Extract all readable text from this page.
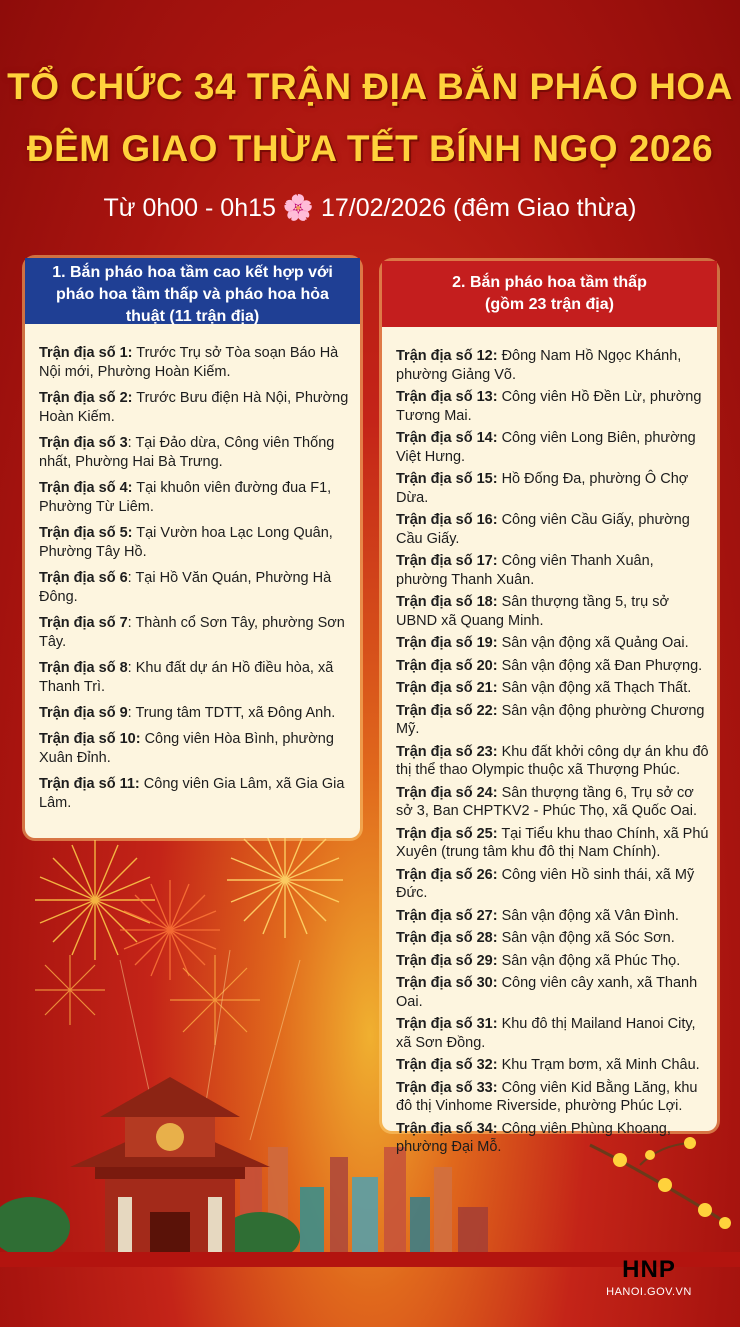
TỔ CHỨC 34 TRẬN ĐỊA BẮN PHÁO HOA
ĐÊM GIAO THỪA TẾT BÍNH NGỌ 2026
Từ 0h00 - 0h15 🌸 17/02/2026 (đêm Giao thừa)
1. Bắn pháo hoa tầm cao kết hợp với pháo hoa tầm thấp và pháo hoa hỏa thuật (11 trận địa)
Trận địa số 1: Trước Trụ sở Tòa soạn Báo Hà Nội mới, Phường Hoàn Kiếm.
Trận địa số 2: Trước Bưu điện Hà Nội, Phường Hoàn Kiếm.
Trận địa số 3: Tại Đảo dừa, Công viên Thống nhất, Phường Hai Bà Trưng.
Trận địa số 4: Tại khuôn viên đường đua F1, Phường Từ Liêm.
Trận địa số 5: Tại Vườn hoa Lạc Long Quân, Phường Tây Hồ.
Trận địa số 6: Tại Hồ Văn Quán, Phường Hà Đông.
Trận địa số 7: Thành cổ Sơn Tây, phường Sơn Tây.
Trận địa số 8: Khu đất dự án Hồ điều hòa, xã Thanh Trì.
Trận địa số 9: Trung tâm TDTT, xã Đông Anh.
Trận địa số 10: Công viên Hòa Bình, phường Xuân Đỉnh.
Trận địa số 11: Công viên Gia Lâm, xã Gia Gia Lâm.
2. Bắn pháo hoa tầm thấp
(gồm 23 trận địa)
Trận địa số 12: Đông Nam Hồ Ngọc Khánh, phường Giảng Võ.
Trận địa số 13: Công viên Hồ Đền Lừ, phường Tương Mai.
Trận địa số 14: Công viên Long Biên, phường Việt Hưng.
Trận địa số 15: Hồ Đống Đa, phường Ô Chợ Dừa.
Trận địa số 16: Công viên Cầu Giấy, phường Cầu Giấy.
Trận địa số 17: Công viên Thanh Xuân, phường Thanh Xuân.
Trận địa số 18: Sân thượng tầng 5, trụ sở UBND xã Quang Minh.
Trận địa số 19: Sân vận động xã Quảng Oai.
Trận địa số 20: Sân vận động xã Đan Phượng.
Trận địa số 21: Sân vận động xã Thạch Thất.
Trận địa số 22: Sân vận động phường Chương Mỹ.
Trận địa số 23: Khu đất khởi công dự án khu đô thị thể thao Olympic thuộc xã Thượng Phúc.
Trận địa số 24: Sân thượng tầng 6, Trụ sở cơ sở 3, Ban CHPTKV2 - Phúc Thọ, xã Quốc Oai.
Trận địa số 25: Tại Tiểu khu thao Chính, xã Phú Xuyên (trung tâm khu đô thị Nam Chính).
Trận địa số 26: Công viên Hồ sinh thái, xã Mỹ Đức.
Trận địa số 27: Sân vận động xã Vân Đình.
Trận địa số 28: Sân vận động xã Sóc Sơn.
Trận địa số 29: Sân vận động xã Phúc Thọ.
Trận địa số 30: Công viên cây xanh, xã Thanh Oai.
Trận địa số 31: Khu đô thị Mailand Hanoi City, xã Sơn Đồng.
Trận địa số 32: Khu Trạm bơm, xã Minh Châu.
Trận địa số 33: Công viên Kid Bằng Lăng, khu đô thị Vinhome Riverside, phường Phúc Lợi.
Trận địa số 34: Công viên Phùng Khoang, phường Đại Mỗ.
HNP
HANOI.GOV.VN
